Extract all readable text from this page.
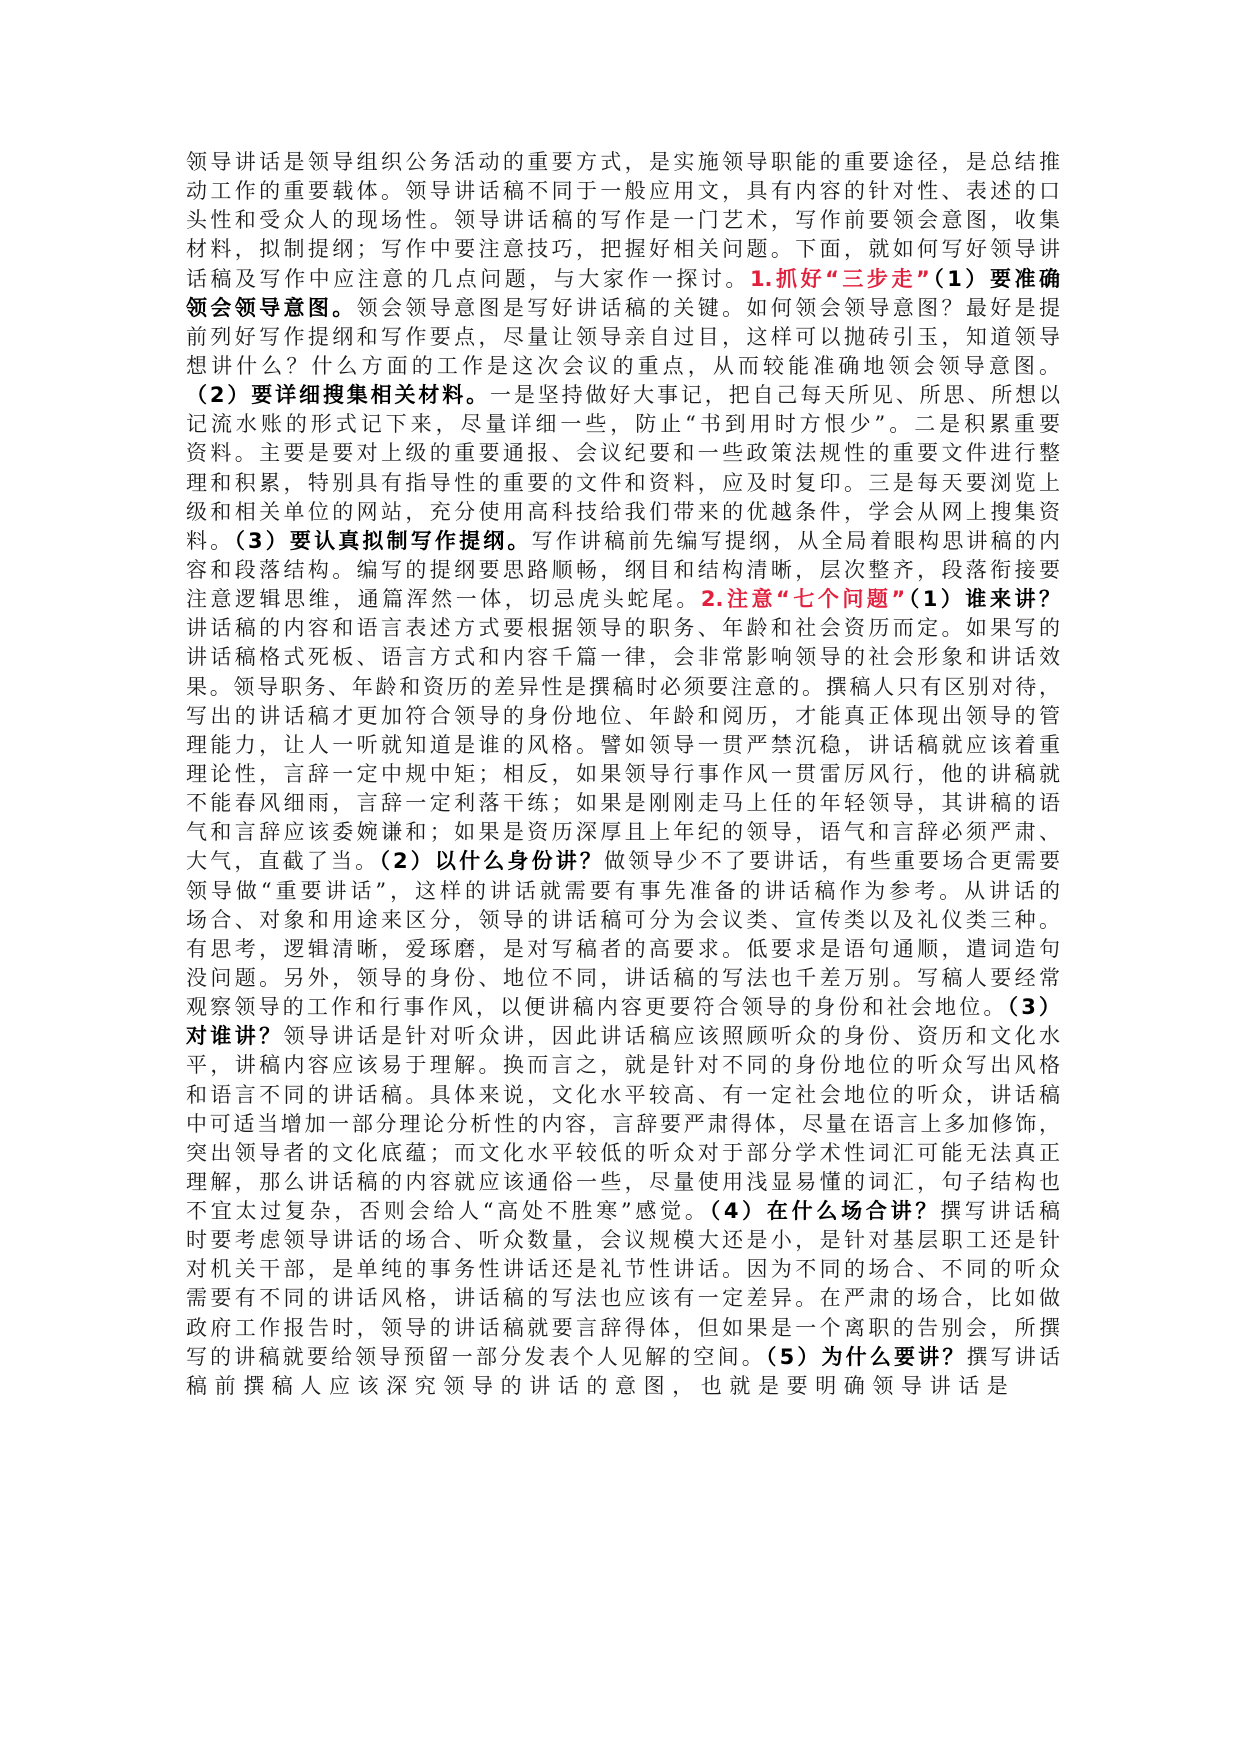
领导讲话是领导组织公务活动的重要方式，是实施领导职能的重要途径，是总结推
动工作的重要载体。领导讲话稿不同于一般应用文，具有内容的针对性、表述的口
头性和受众人的现场性。领导讲话稿的写作是一门艺术，写作前要领会意图，收集
材料，拟制提纲；写作中要注意技巧，把握好相关问题。下面，就如何写好领导讲
话稿及写作中应注意的几点问题，与大家作一探讨。1.抓好“三步走”（1）要准确
领会领导意图。领会领导意图是写好讲话稿的关键。如何领会领导意图？最好是提
前列好写作提纲和写作要点，尽量让领导亲自过目，这样可以抛砖引玉，知道领导
想讲什么？什么方面的工作是这次会议的重点，从而较能准确地领会领导意图。
（2）要详细搜集相关材料。一是坚持做好大事记，把自己每天所见、所思、所想以
记流水账的形式记下来，尽量详细一些，防止“书到用时方恨少”。二是积累重要
资料。主要是要对上级的重要通报、会议纪要和一些政策法规性的重要文件进行整
理和积累，特别具有指导性的重要的文件和资料，应及时复印。三是每天要浏览上
级和相关单位的网站，充分使用高科技给我们带来的优越条件，学会从网上搜集资
料。（3）要认真拟制写作提纲。写作讲稿前先编写提纲，从全局着眼构思讲稿的内
容和段落结构。编写的提纲要思路顺畅，纲目和结构清晰，层次整齐，段落衔接要
注意逻辑思维，通篇浑然一体，切忌虎头蛇尾。2.注意“七个问题”（1）谁来讲？
讲话稿的内容和语言表述方式要根据领导的职务、年龄和社会资历而定。如果写的
讲话稿格式死板、语言方式和内容千篇一律，会非常影响领导的社会形象和讲话效
果。领导职务、年龄和资历的差异性是撰稿时必须要注意的。撰稿人只有区别对待，
写出的讲话稿才更加符合领导的身份地位、年龄和阅历，才能真正体现出领导的管
理能力，让人一听就知道是谁的风格。譬如领导一贯严禁沉稳，讲话稿就应该着重
理论性，言辞一定中规中矩；相反，如果领导行事作风一贯雷厉风行，他的讲稿就
不能春风细雨，言辞一定利落干练；如果是刚刚走马上任的年轻领导，其讲稿的语
气和言辞应该委婉谦和；如果是资历深厚且上年纪的领导，语气和言辞必须严肃、
大气，直截了当。（2）以什么身份讲？做领导少不了要讲话，有些重要场合更需要
领导做“重要讲话”，这样的讲话就需要有事先准备的讲话稿作为参考。从讲话的
场合、对象和用途来区分，领导的讲话稿可分为会议类、宣传类以及礼仪类三种。
有思考，逻辑清晰，爱琢磨，是对写稿者的高要求。低要求是语句通顺，遣词造句
没问题。另外，领导的身份、地位不同，讲话稿的写法也千差万别。写稿人要经常
观察领导的工作和行事作风，以便讲稿内容更要符合领导的身份和社会地位。（3）
对谁讲？领导讲话是针对听众讲，因此讲话稿应该照顾听众的身份、资历和文化水
平，讲稿内容应该易于理解。换而言之，就是针对不同的身份地位的听众写出风格
和语言不同的讲话稿。具体来说，文化水平较高、有一定社会地位的听众，讲话稿
中可适当增加一部分理论分析性的内容，言辞要严肃得体，尽量在语言上多加修饰，
突出领导者的文化底蕴；而文化水平较低的听众对于部分学术性词汇可能无法真正
理解，那么讲话稿的内容就应该通俗一些，尽量使用浅显易懂的词汇，句子结构也
不宜太过复杂，否则会给人“高处不胜寒”感觉。（4）在什么场合讲？撰写讲话稿
时要考虑领导讲话的场合、听众数量，会议规模大还是小，是针对基层职工还是针
对机关干部，是单纯的事务性讲话还是礼节性讲话。因为不同的场合、不同的听众
需要有不同的讲话风格，讲话稿的写法也应该有一定差异。在严肃的场合，比如做
政府工作报告时，领导的讲话稿就要言辞得体，但如果是一个离职的告别会，所撰
写的讲稿就要给领导预留一部分发表个人见解的空间。（5）为什么要讲？撰写讲话
稿前撰稿人应该深究领导的讲话的意图，也就是要明确领导讲话是
